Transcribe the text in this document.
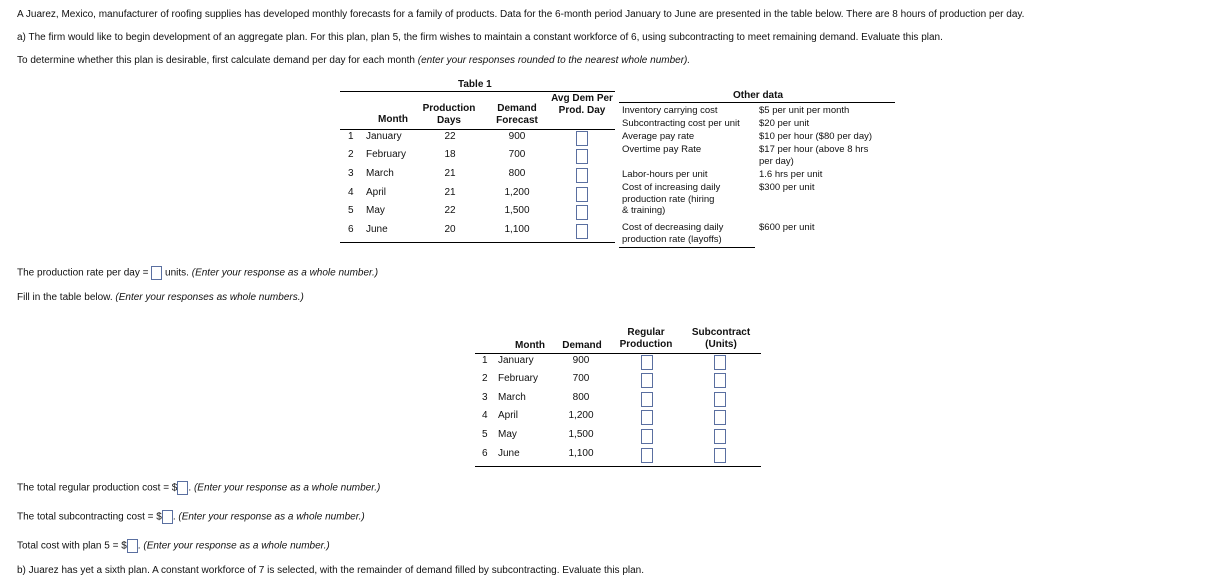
A Juarez, Mexico, manufacturer of roofing supplies has developed monthly forecasts for a family of products. Data for the 6-month period January to June are presented in the table below. There are 8 hours of production per day.
a) The firm would like to begin development of an aggregate plan. For this plan, plan 5, the firm wishes to maintain a constant workforce of 6, using subcontracting to meet remaining demand. Evaluate this plan.
To determine whether this plan is desirable, first calculate demand per day for each month (enter your responses rounded to the nearest whole number).
Table 1
Month
Production
Days
Demand
Forecast
Avg Dem Per
Prod. Day
1 January	22	900
2 February	18	700
3 March	21	800
4 April	21	1,200
5 May	22	1,500
6 June	20	1,100
Other data
Inventory carrying cost	$5 per unit per month
Subcontracting cost per unit $20 per unit
Average pay rate	$10 per hour ($80 per day)
Overtime pay Rate	$17 per hour (above 8 hrs
per day)
Labor-hours per unit	1.6 hrs per unit
Cost of increasing daily
production rate (hiring
& training)
$300 per unit
Cost of decreasing daily
production rate (layoffs)
$600 per unit
The production rate per day = units. (Enter your response as a whole number.)
Fill in the table below. (Enter your responses as whole numbers.)
Month	Demand
Regular
Production
Subcontract
(Units)
1 January	900
2 February	700
3 March	800
4 April	1,200
5 May	1,500
6 June	1,100
The total regular production cost = $ . (Enter your response as a whole number.)
The total subcontracting cost = $ . (Enter your response as a whole number.)
Total cost with plan 5 = $ . (Enter your response as a whole number.)
b) Juarez has yet a sixth plan. A constant workforce of 7 is selected, with the remainder of demand filled by subcontracting. Evaluate this plan.
